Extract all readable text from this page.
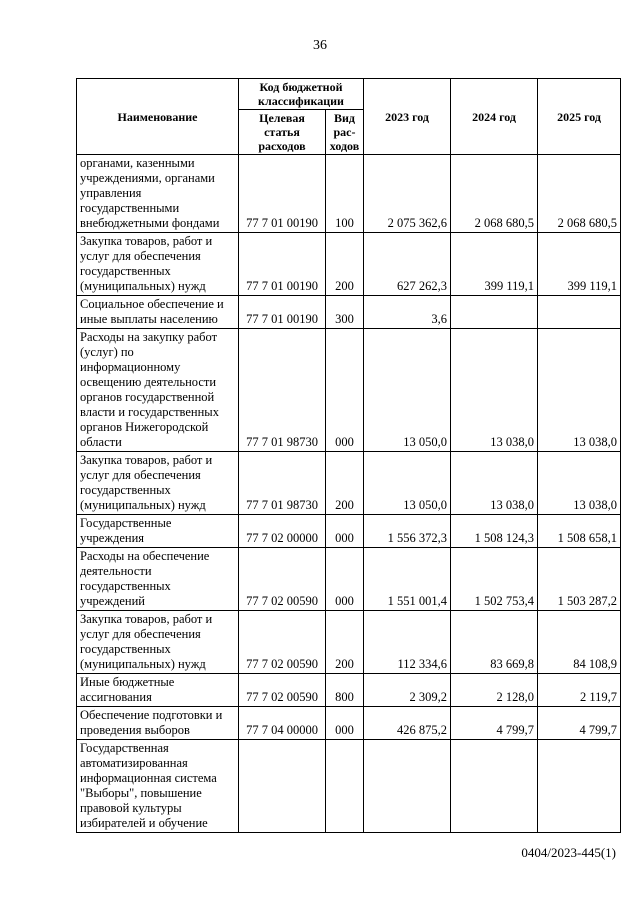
36
Наименование	Код бюджетной классификации		2023 год	2024 год	2025 год
	Целевая статья расходов	Вид рас-ходов			
органами, казенными учреждениями, органами управления государственными внебюджетными фондами	77 7 01 00190	100	2 075 362,6	2 068 680,5	2 068 680,5
Закупка товаров, работ и услуг для обеспечения государственных (муниципальных) нужд	77 7 01 00190	200	627 262,3	399 119,1	399 119,1
Социальное обеспечение и иные выплаты населению	77 7 01 00190	300	3,6		
Расходы на закупку работ (услуг) по информационному освещению деятельности органов государственной власти и государственных органов Нижегородской области	77 7 01 98730	000	13 050,0	13 038,0	13 038,0
Закупка товаров, работ и услуг для обеспечения государственных (муниципальных) нужд	77 7 01 98730	200	13 050,0	13 038,0	13 038,0
Государственные учреждения	77 7 02 00000	000	1 556 372,3	1 508 124,3	1 508 658,1
Расходы на обеспечение деятельности государственных учреждений	77 7 02 00590	000	1 551 001,4	1 502 753,4	1 503 287,2
Закупка товаров, работ и услуг для обеспечения государственных (муниципальных) нужд	77 7 02 00590	200	112 334,6	83 669,8	84 108,9
Иные бюджетные ассигнования	77 7 02 00590	800	2 309,2	2 128,0	2 119,7
Обеспечение подготовки и проведения выборов	77 7 04 00000	000	426 875,2	4 799,7	4 799,7
Государственная автоматизированная информационная система "Выборы", повышение правовой культуры избирателей и обучение					
0404/2023-445(1)
